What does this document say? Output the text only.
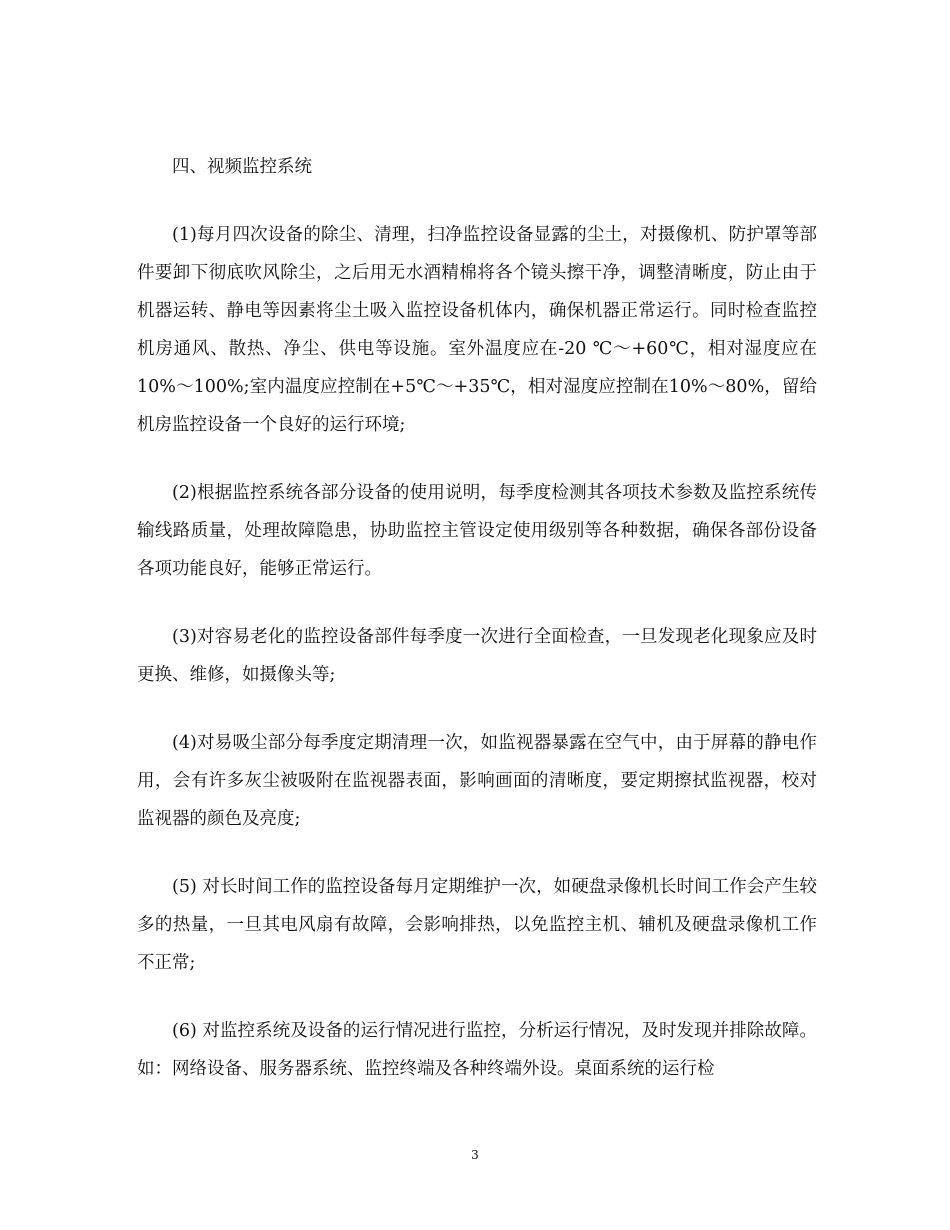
四、视频监控系统

(1)每月四次设备的除尘、清理，扫净监控设备显露的尘土，对摄像机、防护罩等部件要卸下彻底吹风除尘，之后用无水酒精棉将各个镜头擦干净，调整清晰度，防止由于机器运转、静电等因素将尘土吸入监控设备机体内，确保机器正常运行。同时检查监控机房通风、散热、净尘、供电等设施。室外温度应在-20 ℃～+60℃，相对湿度应在10%～100%;室内温度应控制在+5℃～+35℃，相对湿度应控制在10%～80%，留给机房监控设备一个良好的运行环境;

(2)根据监控系统各部分设备的使用说明，每季度检测其各项技术参数及监控系统传输线路质量，处理故障隐患，协助监控主管设定使用级别等各种数据，确保各部份设备各项功能良好，能够正常运行。

(3)对容易老化的监控设备部件每季度一次进行全面检查，一旦发现老化现象应及时更换、维修，如摄像头等;

(4)对易吸尘部分每季度定期清理一次，如监视器暴露在空气中，由于屏幕的静电作用，会有许多灰尘被吸附在监视器表面，影响画面的清晰度，要定期擦拭监视器，校对监视器的颜色及亮度;

(5) 对长时间工作的监控设备每月定期维护一次，如硬盘录像机长时间工作会产生较多的热量，一旦其电风扇有故障，会影响排热，以免监控主机、辅机及硬盘录像机工作不正常;

(6) 对监控系统及设备的运行情况进行监控，分析运行情况，及时发现并排除故障。如：网络设备、服务器系统、监控终端及各种终端外设。桌面系统的运行检

3
